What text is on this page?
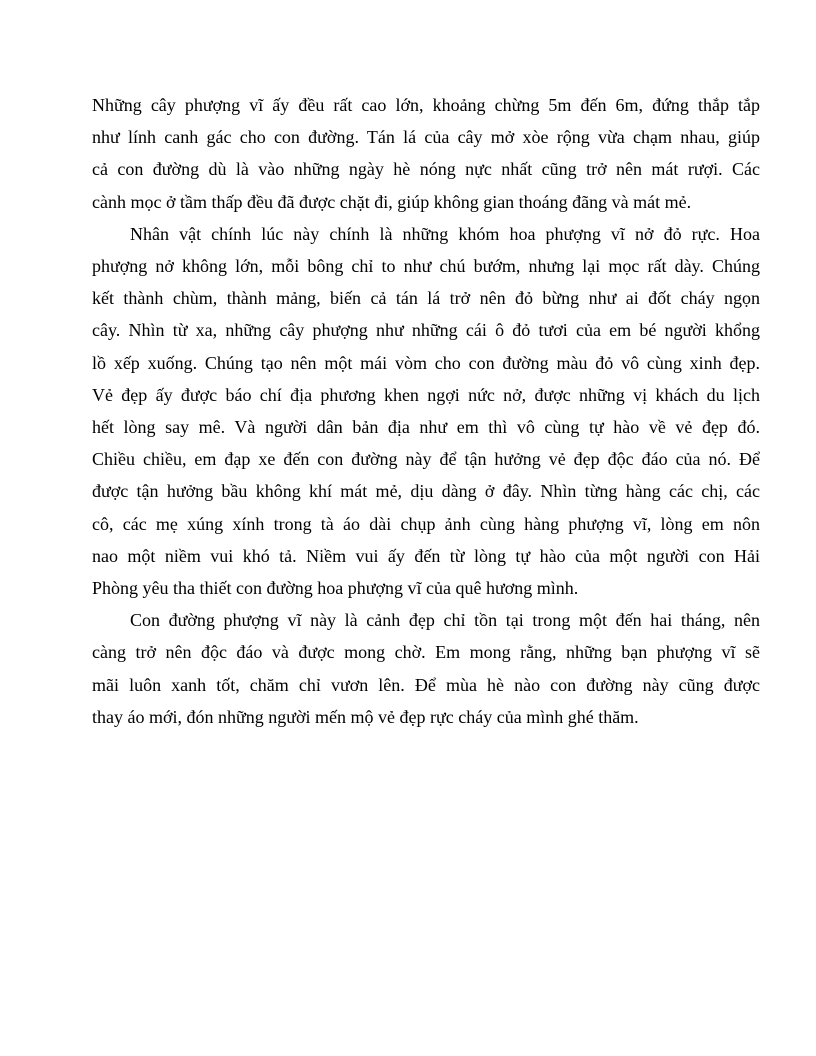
Những cây phượng vĩ ấy đều rất cao lớn, khoảng chừng 5m đến 6m, đứng thắp tắp
như lính canh gác cho con đường. Tán lá của cây mở xòe rộng vừa chạm nhau, giúp
cả con đường dù là vào những ngày hè nóng nực nhất cũng trở nên mát rượi. Các
cành mọc ở tầm thấp đều đã được chặt đi, giúp không gian thoáng đãng và mát mẻ.
Nhân vật chính lúc này chính là những khóm hoa phượng vĩ nở đỏ rực. Hoa
phượng nở không lớn, mỗi bông chỉ to như chú bướm, nhưng lại mọc rất dày. Chúng
kết thành chùm, thành mảng, biến cả tán lá trở nên đỏ bừng như ai đốt cháy ngọn
cây. Nhìn từ xa, những cây phượng như những cái ô đỏ tươi của em bé người khổng
lồ xếp xuống. Chúng tạo nên một mái vòm cho con đường màu đỏ vô cùng xinh đẹp.
Vẻ đẹp ấy được báo chí địa phương khen ngợi nức nở, được những vị khách du lịch
hết lòng say mê. Và người dân bản địa như em thì vô cùng tự hào về vẻ đẹp đó.
Chiều chiều, em đạp xe đến con đường này để tận hưởng vẻ đẹp độc đáo của nó. Để
được tận hưởng bầu không khí mát mẻ, dịu dàng ở đây. Nhìn từng hàng các chị, các
cô, các mẹ xúng xính trong tà áo dài chụp ảnh cùng hàng phượng vĩ, lòng em nôn
nao một niềm vui khó tả. Niềm vui ấy đến từ lòng tự hào của một người con Hải
Phòng yêu tha thiết con đường hoa phượng vĩ của quê hương mình.
Con đường phượng vĩ này là cảnh đẹp chỉ tồn tại trong một đến hai tháng, nên
càng trở nên độc đáo và được mong chờ. Em mong rằng, những bạn phượng vĩ sẽ
mãi luôn xanh tốt, chăm chỉ vươn lên. Để mùa hè nào con đường này cũng được
thay áo mới, đón những người mến mộ vẻ đẹp rực cháy của mình ghé thăm.
